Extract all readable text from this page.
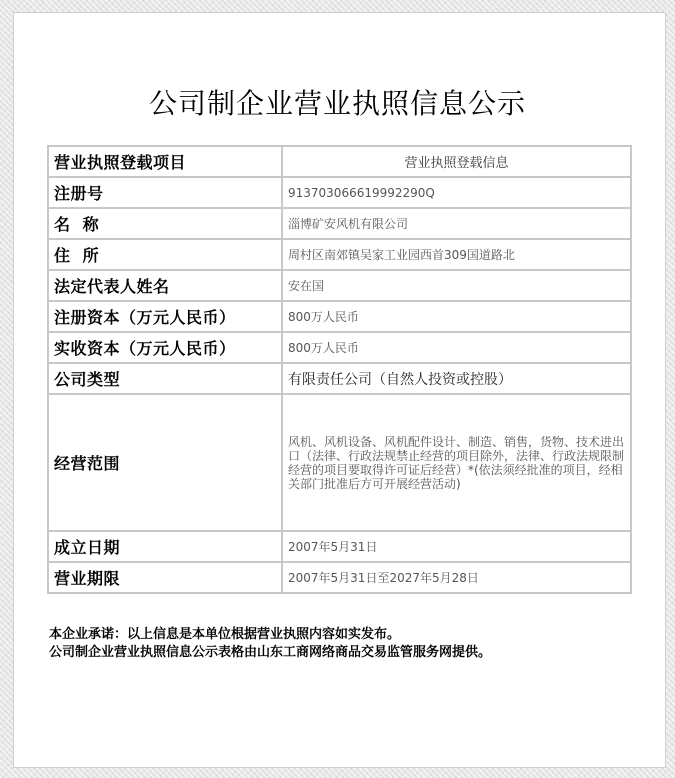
公司制企业营业执照信息公示
营业执照登载项目	营业执照登载信息
注册号	913703066619992290Q
名  称	淄博矿安风机有限公司
住  所	周村区南郊镇吴家工业园西首309国道路北
法定代表人姓名	安在国
注册资本（万元人民币）	800万人民币
实收资本（万元人民币）	800万人民币
公司类型	有限责任公司（自然人投资或控股）
经营范围	风机、风机设备、风机配件设计、制造、销售，货物、技术进出口（法律、行政法规禁止经营的项目除外，法律、行政法规限制经营的项目要取得许可证后经营）*(依法须经批准的项目，经相关部门批准后方可开展经营活动)
成立日期	2007年5月31日
营业期限	2007年5月31日至2027年5月28日
本企业承诺：以上信息是本单位根据营业执照内容如实发布。
公司制企业营业执照信息公示表格由山东工商网络商品交易监管服务网提供。
